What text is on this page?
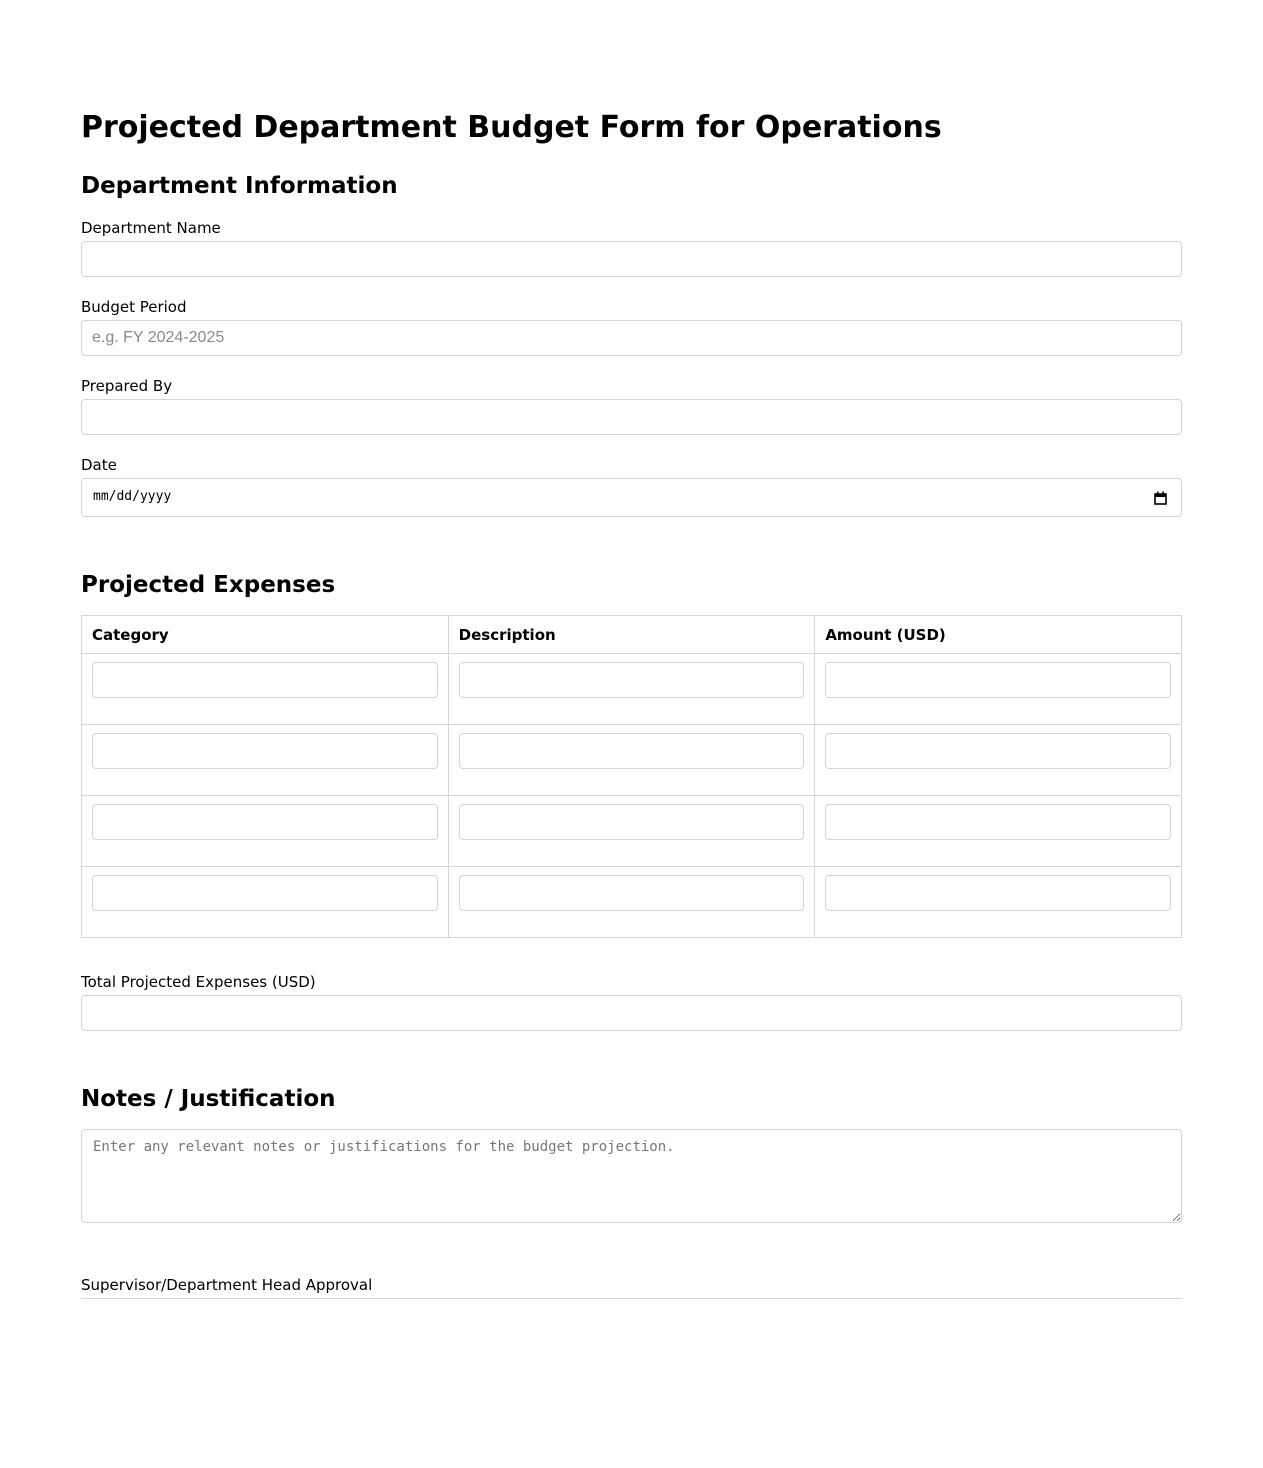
Projected Department Budget Form for Operations
Department Information
Department Name
Budget Period
e.g. FY 2024-2025
Prepared By
Date
mm/dd/yyyy
Projected Expenses
Category	Description	Amount (USD)

Total Projected Expenses (USD)
Notes / Justification
Enter any relevant notes or justifications for the budget projection.
Supervisor/Department Head Approval
